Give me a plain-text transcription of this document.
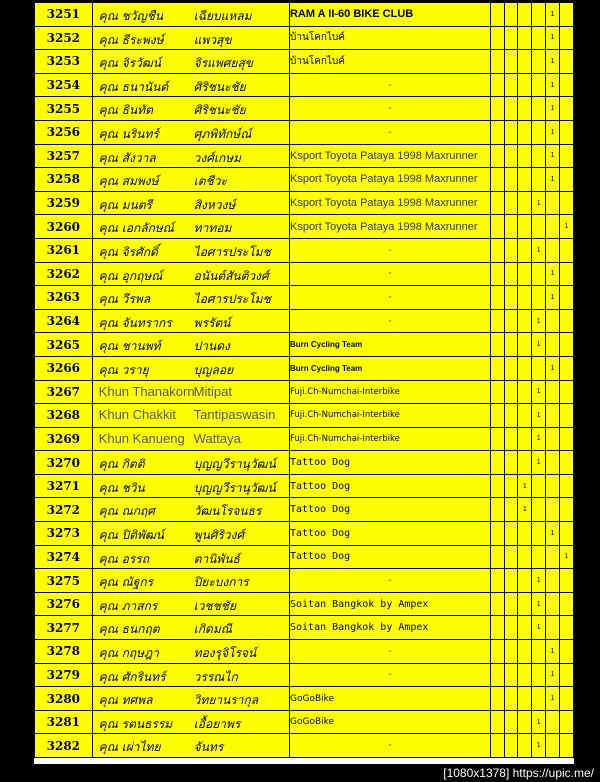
3251	คุณ ชวัญชืน เฉียบแหลม	RAM A II-60 BIKE CLUB					1	
3252	คุณ ธีระพงษ์ แพวสุข	บ้านโคกไบค์					1	
3253	คุณ จิรวัฒน์ จิรแพศยสุข	บ้านโคกไบค์					1	
3254	คุณ ธนานันต์ ศิริชนะชัย	-					1	
3255	คุณ ธินทัต ศิริชนะชัย	-					1	
3256	คุณ นรินทร์ ศุภพิทักษ์ณ์	-					1	
3257	คุณ สังวาล วงศ์เกษม	Ksport Toyota Pataya 1998 Maxrunner					1	
3258	คุณ สมพงษ์ เตชีวะ	Ksport Toyota Pataya 1998 Maxrunner					1	
3259	คุณ มนตรี สิงหวงษ์	Ksport Toyota Pataya 1998 Maxrunner				1		
3260	คุณ เอกลักษณ์ ทาทอม	Ksport Toyota Pataya 1998 Maxrunner						1
3261	คุณ จิรศักดิ์ ไอศารประโมช	-				1		
3262	คุณ อุกฤษณ์ อนันต์สันติวงศ์	-					1	
3263	คุณ วีรพล ไอศารประโมช	-					1	
3264	คุณ จันทรากร พรรัตน์	-				1		
3265	คุณ ชานพท์ ปานดง	Burn Cycling Team				1		
3266	คุณ วรายุ บุญลอย	Burn Cycling Team					1	
3267	Khun Thanakorn Mitipat	Fuji.Ch-Numchai-Interbike				1		
3268	Khun Chakkit Tantipaswasin	Fuji.Ch-Numchai-Interbike				1		
3269	Khun Kanueng Wattaya	Fuji.Ch-Numchai-Interbike				1		
3270	คุณ กิตติ บุญญวีรานุวัฒน์	Tattoo Dog				1		
3271	คุณ ชวิน บุญญวีรานุวัฒน์	Tattoo Dog			1			
3272	คุณ ณกฤศ วัฒนโรจนธร	Tattoo Dog			1			
3273	คุณ ปิติพัฒน์ พูนศิริวงศ์	Tattoo Dog					1	
3274	คุณ อรรถ ตานิพันธ์	Tattoo Dog						1
3275	คุณ ณัฐกร ปิยะบงการ	-				1		
3276	คุณ ภาสกร เวชชชัย	Soitan Bangkok by Ampex				1		
3277	คุณ ธนกฤต เกิดมณี	Soitan Bangkok by Ampex				1		
3278	คุณ กฤษฎา ทองรุจิโรจน์	-					1	
3279	คุณ ศักรินทร์ วรรณไก	-					1	
3280	คุณ ทศพล วิทยานรากุล	GoGoBike					1	
3281	คุณ รตนธรรม เอื้อยาพร	GoGoBike				1		
3282	คุณ เผ่าไทย จันทร	-				1		
[1080x1378] https://upic.me/
